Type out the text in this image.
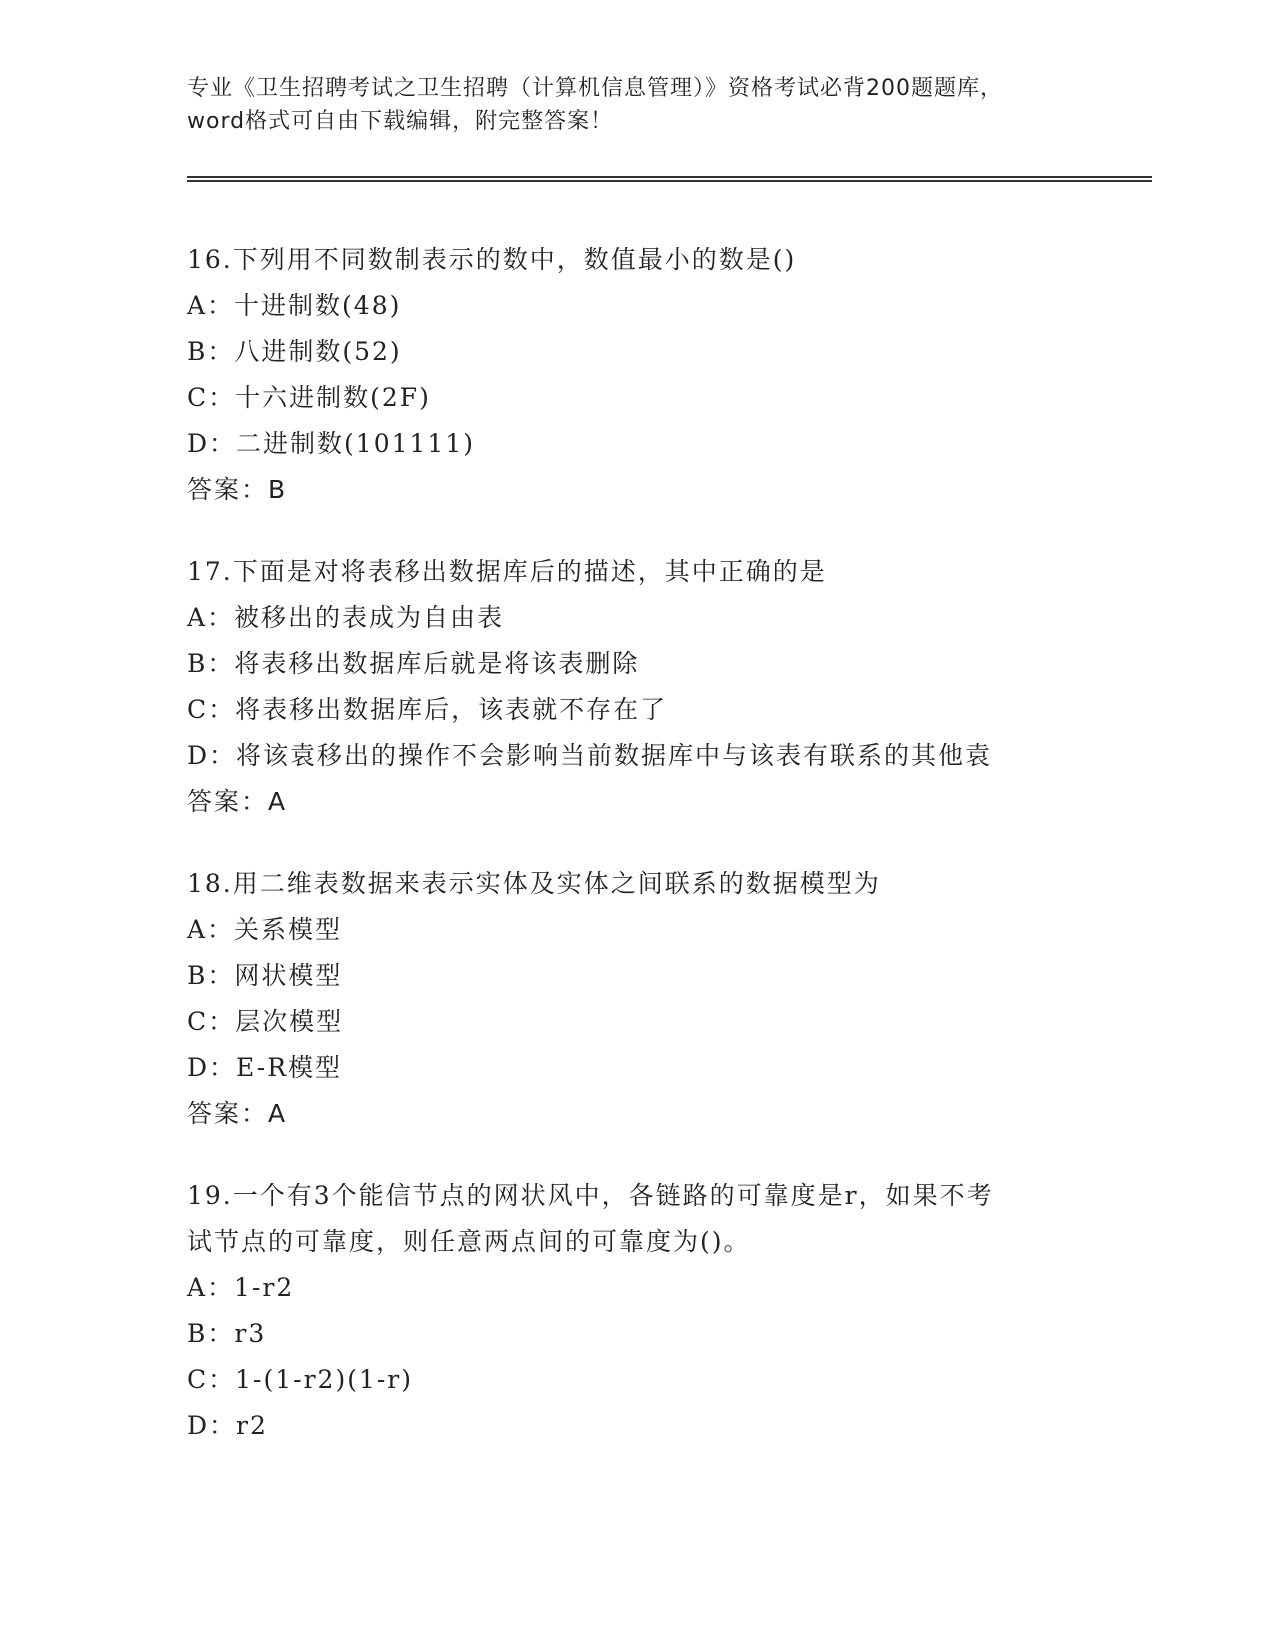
专业《卫生招聘考试之卫生招聘（计算机信息管理）》资格考试必背200题题库，

word格式可自由下载编辑，附完整答案！

16.下列用不同数制表示的数中，数值最小的数是()

A：十进制数(48)

B：八进制数(52)

C：十六进制数(2F)

D：二进制数(101111)

答案：B

17.下面是对将表移出数据库后的描述，其中正确的是

A：被移出的表成为自由表

B：将表移出数据库后就是将该表删除

C：将表移出数据库后，该表就不存在了

D：将该袁移出的操作不会影响当前数据库中与该表有联系的其他袁

答案：A

18.用二维表数据来表示实体及实体之间联系的数据模型为

A：关系模型

B：网状模型

C：层次模型

D：E-R模型

答案：A

19.一个有3个能信节点的网状风中，各链路的可靠度是r，如果不考

试节点的可靠度，则任意两点间的可靠度为()。

A：1-r2

B：r3

C：1-(1-r2)(1-r)

D：r2
